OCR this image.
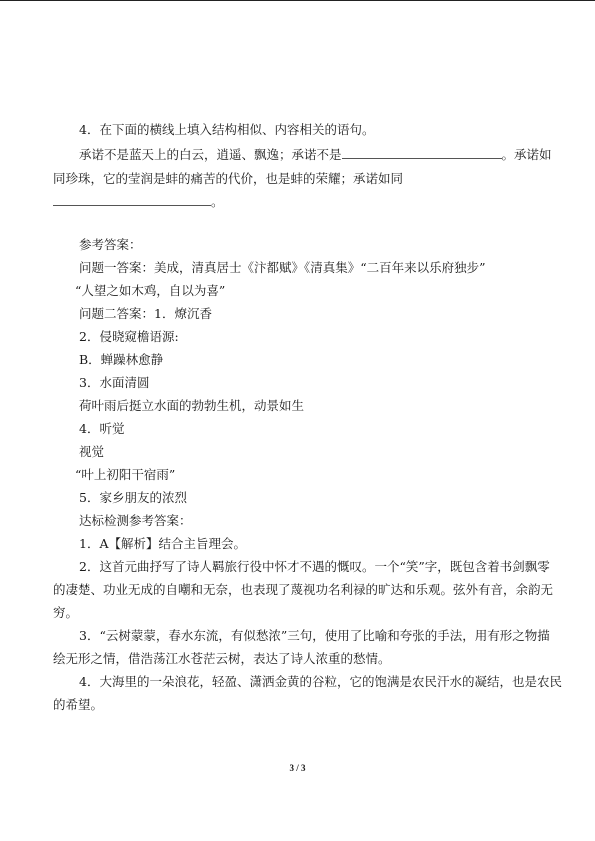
4．在下面的横线上填入结构相似、内容相关的语句。
承诺不是蓝天上的白云，逍遥、飘逸；承诺不是	。承诺如
同珍珠，它的莹润是蚌的痛苦的代价，也是蚌的荣耀；承诺如同
。
参考答案：
问题一答案：美成，清真居士《汴都赋》《清真集》“二百年来以乐府独步”
“人望之如木鸡，自以为喜”
问题二答案：1．燎沉香
2．侵晓窥檐语源:
B．蝉躁林愈静
3．水面清圆
荷叶雨后挺立水面的勃勃生机，动景如生
4．听觉
视觉
“叶上初阳干宿雨”
5．家乡朋友的浓烈
达标检测参考答案：
1．A【解析】结合主旨理会。
2．这首元曲抒写了诗人羁旅行役中怀才不遇的慨叹。一个“笑”字，既包含着书剑飘零
的凄楚、功业无成的自嘲和无奈，也表现了蔑视功名利禄的旷达和乐观。弦外有音，余韵无
穷。
3．“云树蒙蒙，春水东流，有似愁浓”三句，使用了比喻和夸张的手法，用有形之物描
绘无形之情，借浩荡江水苍茫云树，表达了诗人浓重的愁情。
4．大海里的一朵浪花，轻盈、潇洒金黄的谷粒，它的饱满是农民汗水的凝结，也是农民
的希望。
3 / 3
